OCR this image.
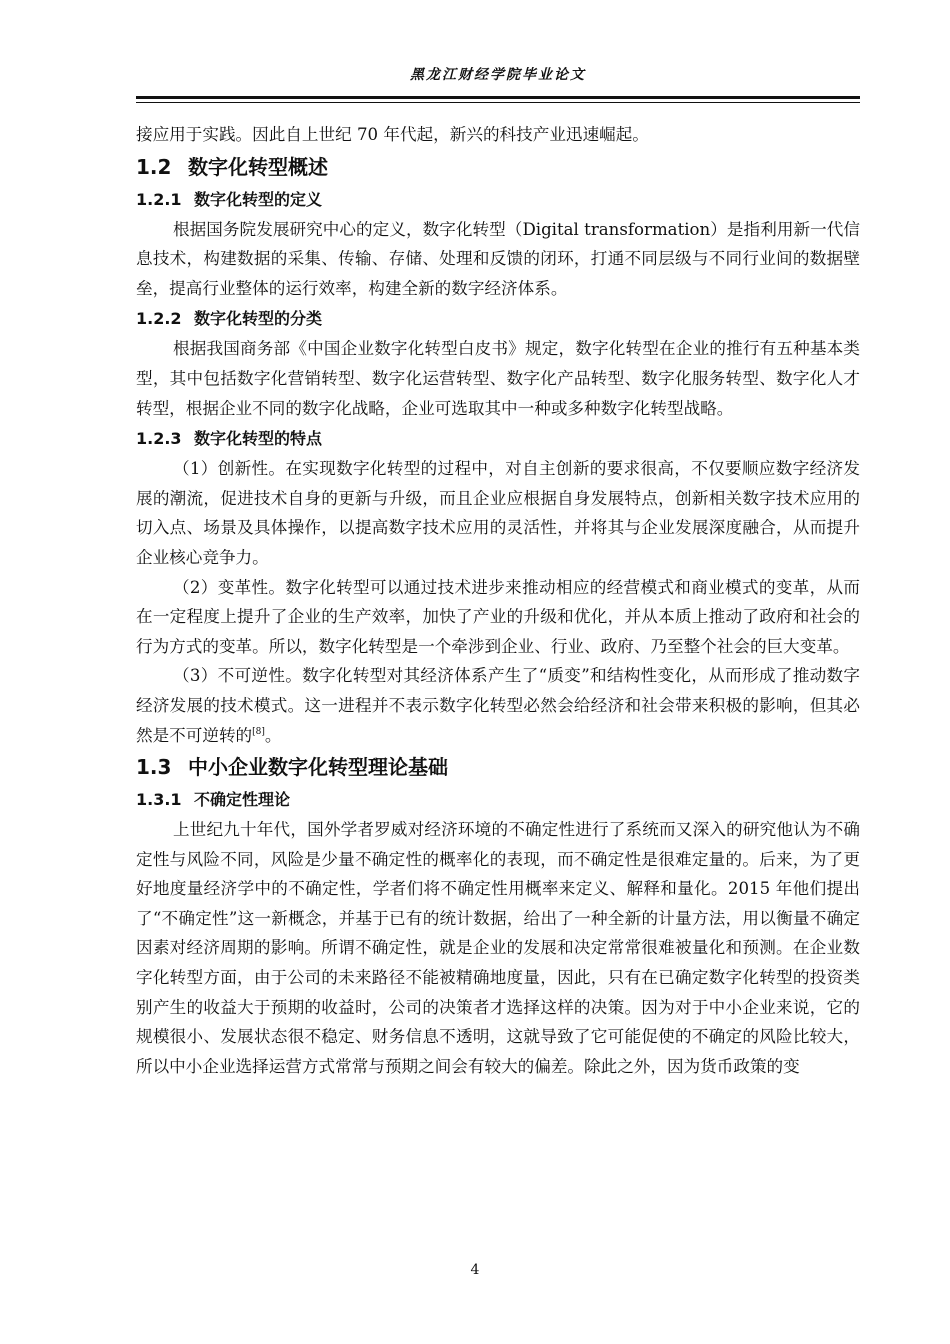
黑龙江财经学院毕业论文

接应用于实践。因此自上世纪 70 年代起，新兴的科技产业迅速崛起。

1.2 数字化转型概述
1.2.1 数字化转型的定义

根据国务院发展研究中心的定义，数字化转型（Digital transformation）是指利用新一代信息技术，构建数据的采集、传输、存储、处理和反馈的闭环，打通不同层级与不同行业间的数据壁垒，提高行业整体的运行效率，构建全新的数字经济体系。

1.2.2 数字化转型的分类

根据我国商务部《中国企业数字化转型白皮书》规定，数字化转型在企业的推行有五种基本类型，其中包括数字化营销转型、数字化运营转型、数字化产品转型、数字化服务转型、数字化人才转型，根据企业不同的数字化战略，企业可选取其中一种或多种数字化转型战略。

1.2.3 数字化转型的特点

（1）创新性。在实现数字化转型的过程中，对自主创新的要求很高，不仅要顺应数字经济发展的潮流，促进技术自身的更新与升级，而且企业应根据自身发展特点，创新相关数字技术应用的切入点、场景及具体操作，以提高数字技术应用的灵活性，并将其与企业发展深度融合，从而提升企业核心竞争力。

（2）变革性。数字化转型可以通过技术进步来推动相应的经营模式和商业模式的变革，从而在一定程度上提升了企业的生产效率，加快了产业的升级和优化，并从本质上推动了政府和社会的行为方式的变革。所以，数字化转型是一个牵涉到企业、行业、政府、乃至整个社会的巨大变革。

（3）不可逆性。数字化转型对其经济体系产生了“质变”和结构性变化，从而形成了推动数字经济发展的技术模式。这一进程并不表示数字化转型必然会给经济和社会带来积极的影响，但其必然是不可逆转的[8]。

1.3 中小企业数字化转型理论基础
1.3.1 不确定性理论

上世纪九十年代，国外学者罗威对经济环境的不确定性进行了系统而又深入的研究他认为不确定性与风险不同，风险是少量不确定性的概率化的表现，而不确定性是很难定量的。后来，为了更好地度量经济学中的不确定性，学者们将不确定性用概率来定义、解释和量化。2015 年他们提出了“不确定性”这一新概念，并基于已有的统计数据，给出了一种全新的计量方法，用以衡量不确定因素对经济周期的影响。所谓不确定性，就是企业的发展和决定常常很难被量化和预测。在企业数字化转型方面，由于公司的未来路径不能被精确地度量，因此，只有在已确定数字化转型的投资类别产生的收益大于预期的收益时，公司的决策者才选择这样的决策。因为对于中小企业来说，它的规模很小、发展状态很不稳定、财务信息不透明，这就导致了它可能促使的不确定的风险比较大，所以中小企业选择运营方式常常与预期之间会有较大的偏差。除此之外，因为货币政策的变

4
